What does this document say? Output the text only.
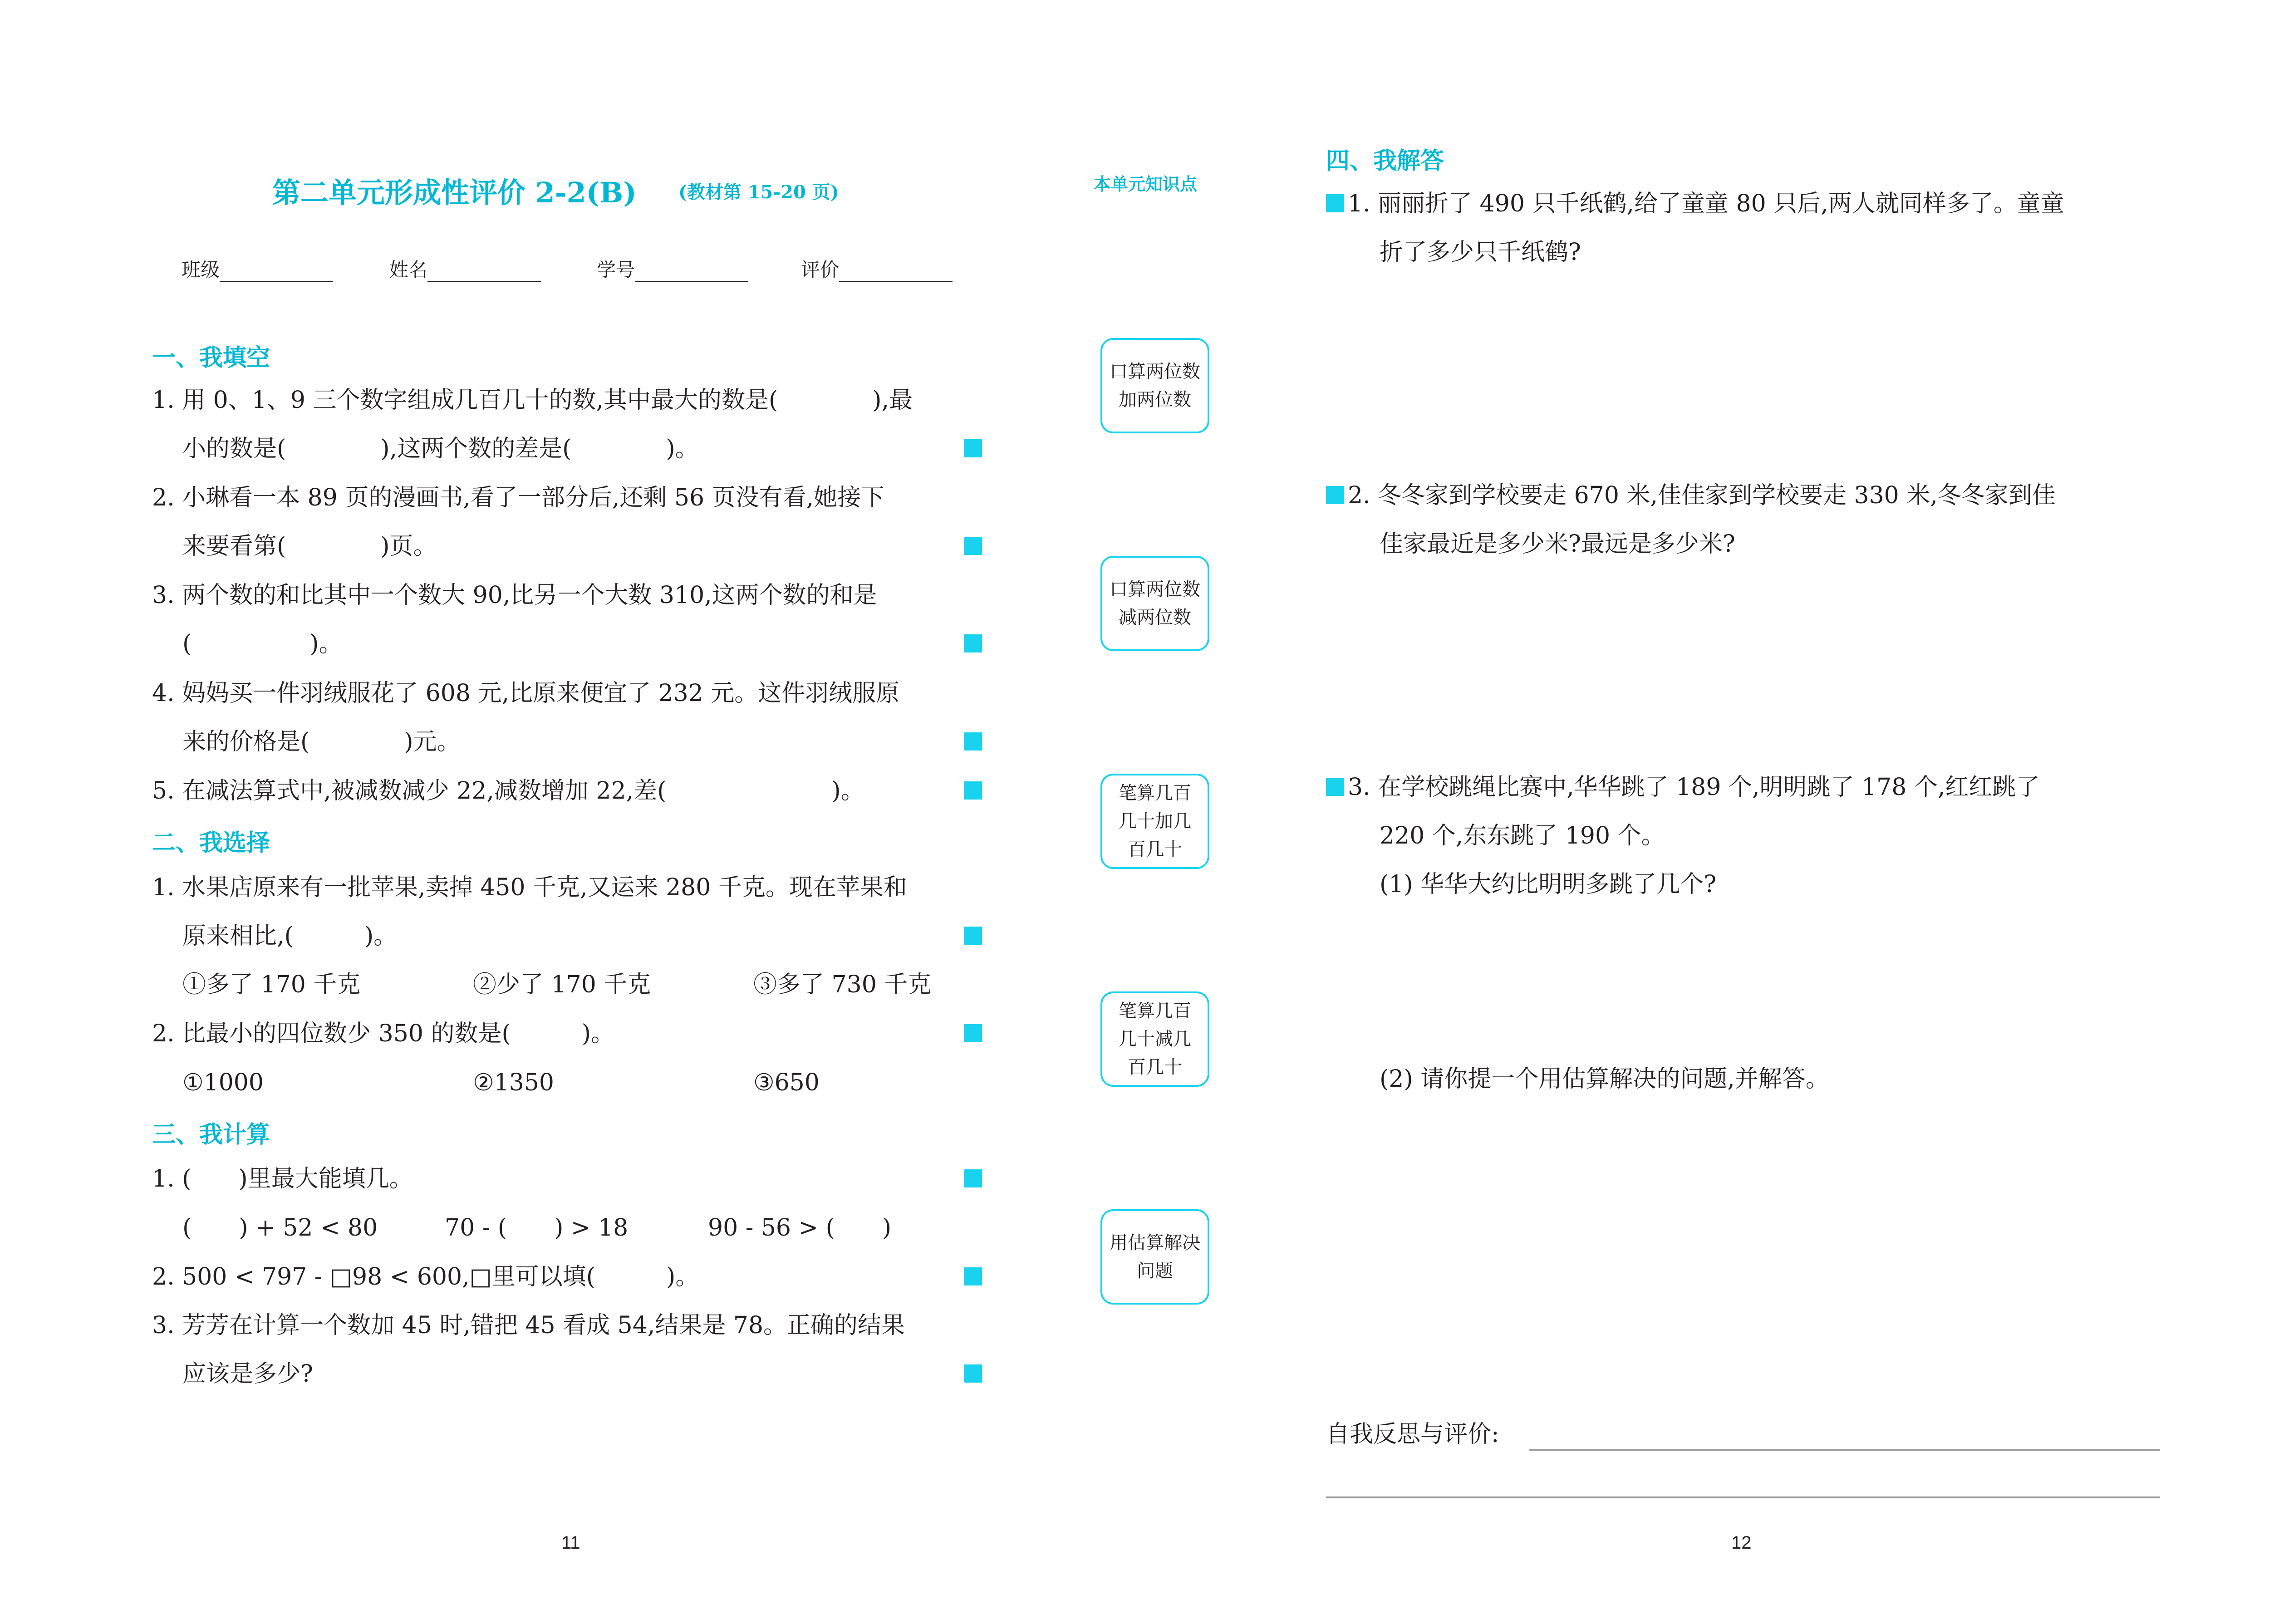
第二单元形成性评价 2-2(B) (教材第 15-20 页)
班级	姓名	学号	评价
一、我填空
1. 用 0、1、9 三个数字组成几百几十的数,其中最大的数是(　　　　),最
小的数是(　　　　),这两个数的差是(　　　　)。
2. 小琳看一本 89 页的漫画书,看了一部分后,还剩 56 页没有看,她接下
来要看第(　　　　)页。
3. 两个数的和比其中一个数大 90,比另一个大数 310,这两个数的和是
(　　　　　)。
4. 妈妈买一件羽绒服花了 608 元,比原来便宜了 232 元。这件羽绒服原
来的价格是(　　　　)元。
5. 在减法算式中,被减数减少 22,减数增加 22,差(　　　　　　　)。
二、我选择
1. 水果店原来有一批苹果,卖掉 450 千克,又运来 280 千克。现在苹果和
原来相比,(　　　)。
①多了 170 千克	②少了 170 千克	③多了 730 千克
2. 比最小的四位数少 350 的数是(　　　)。
①1000	②1350	③650
三、我计算
1. (　　)里最大能填几。
(　　) + 52 < 80	70 - (　　) > 18	90 - 56 > (　　)
2. 500 < 797 - □98 < 600,□里可以填(　　　)。
3. 芳芳在计算一个数加 45 时,错把 45 看成 54,结果是 78。正确的结果
应该是多少?
11
本单元知识点
口算两位数
加两位数
口算两位数
减两位数
笔算几百
几十加几
百几十
笔算几百
几十减几
百几十
用估算解决
问题
四、我解答
1. 丽丽折了 490 只千纸鹤,给了童童 80 只后,两人就同样多了。童童
折了多少只千纸鹤?
2. 冬冬家到学校要走 670 米,佳佳家到学校要走 330 米,冬冬家到佳
佳家最近是多少米?最远是多少米?
3. 在学校跳绳比赛中,华华跳了 189 个,明明跳了 178 个,红红跳了
220 个,东东跳了 190 个。
(1) 华华大约比明明多跳了几个?
(2) 请你提一个用估算解决的问题,并解答。
自我反思与评价:
12
